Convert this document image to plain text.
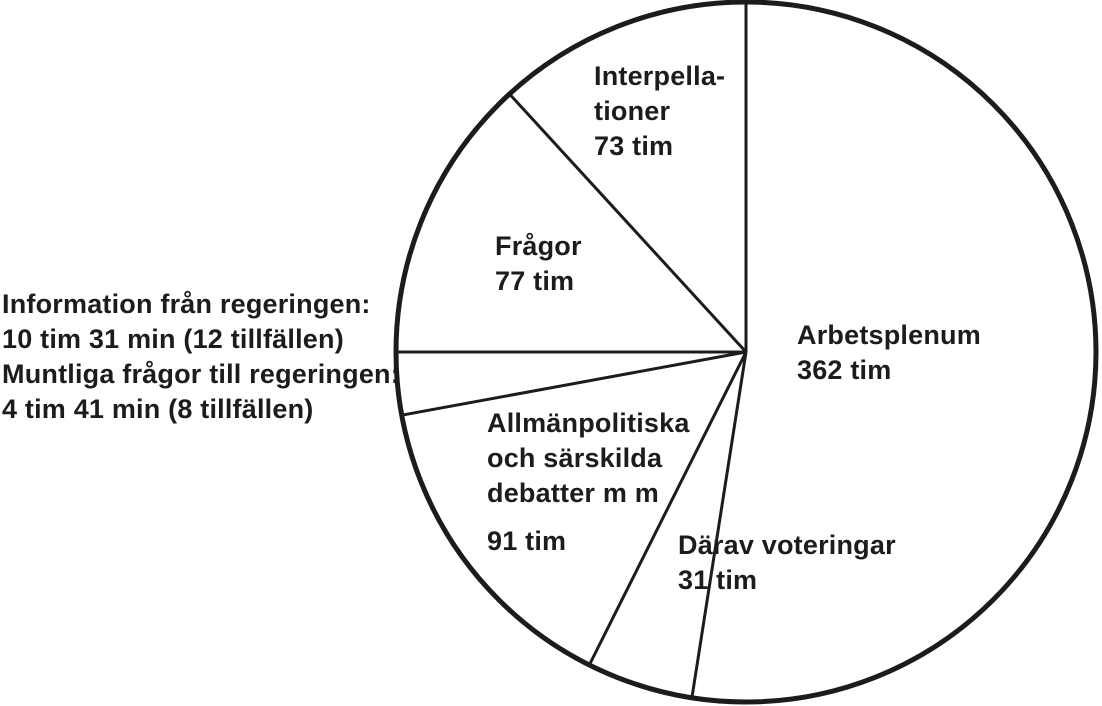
Information från regeringen:
10 tim 31 min (12 tillfällen)
Muntliga frågor till regeringen:
4 tim 41 min (8 tillfällen)
Interpella-
tioner
73 tim
Frågor
77 tim
Arbetsplenum
362 tim
Allmänpolitiska
och särskilda
debatter m m
91 tim	Därav voteringar
31 tim
